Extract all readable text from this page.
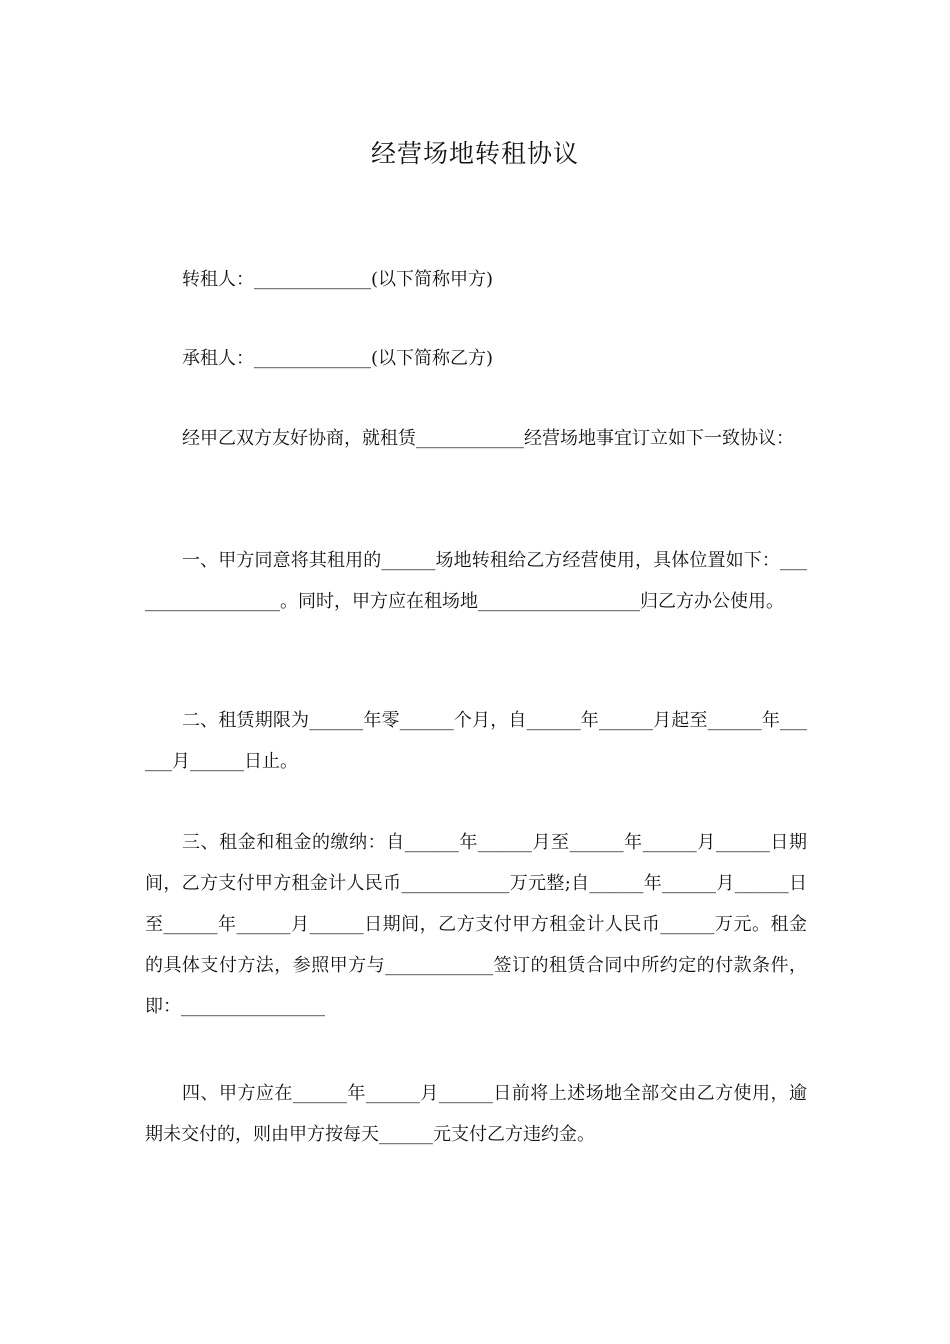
经营场地转租协议

转租人：_____________(以下简称甲方)

承租人：_____________(以下简称乙方)

经甲乙双方友好协商，就租赁____________经营场地事宜订立如下一致协议：

一、甲方同意将其租用的______场地转租给乙方经营使用，具体位置如下：__________________。同时，甲方应在租场地__________________归乙方办公使用。

二、租赁期限为______年零______个月，自______年______月起至______年______月______日止。

三、租金和租金的缴纳：自______年______月至______年______月______日期间，乙方支付甲方租金计人民币____________万元整;自______年______月______日至______年______月______日期间，乙方支付甲方租金计人民币______万元。租金的具体支付方法，参照甲方与____________签订的租赁合同中所约定的付款条件，即：________________

四、甲方应在______年______月______日前将上述场地全部交由乙方使用，逾期未交付的，则由甲方按每天______元支付乙方违约金。
